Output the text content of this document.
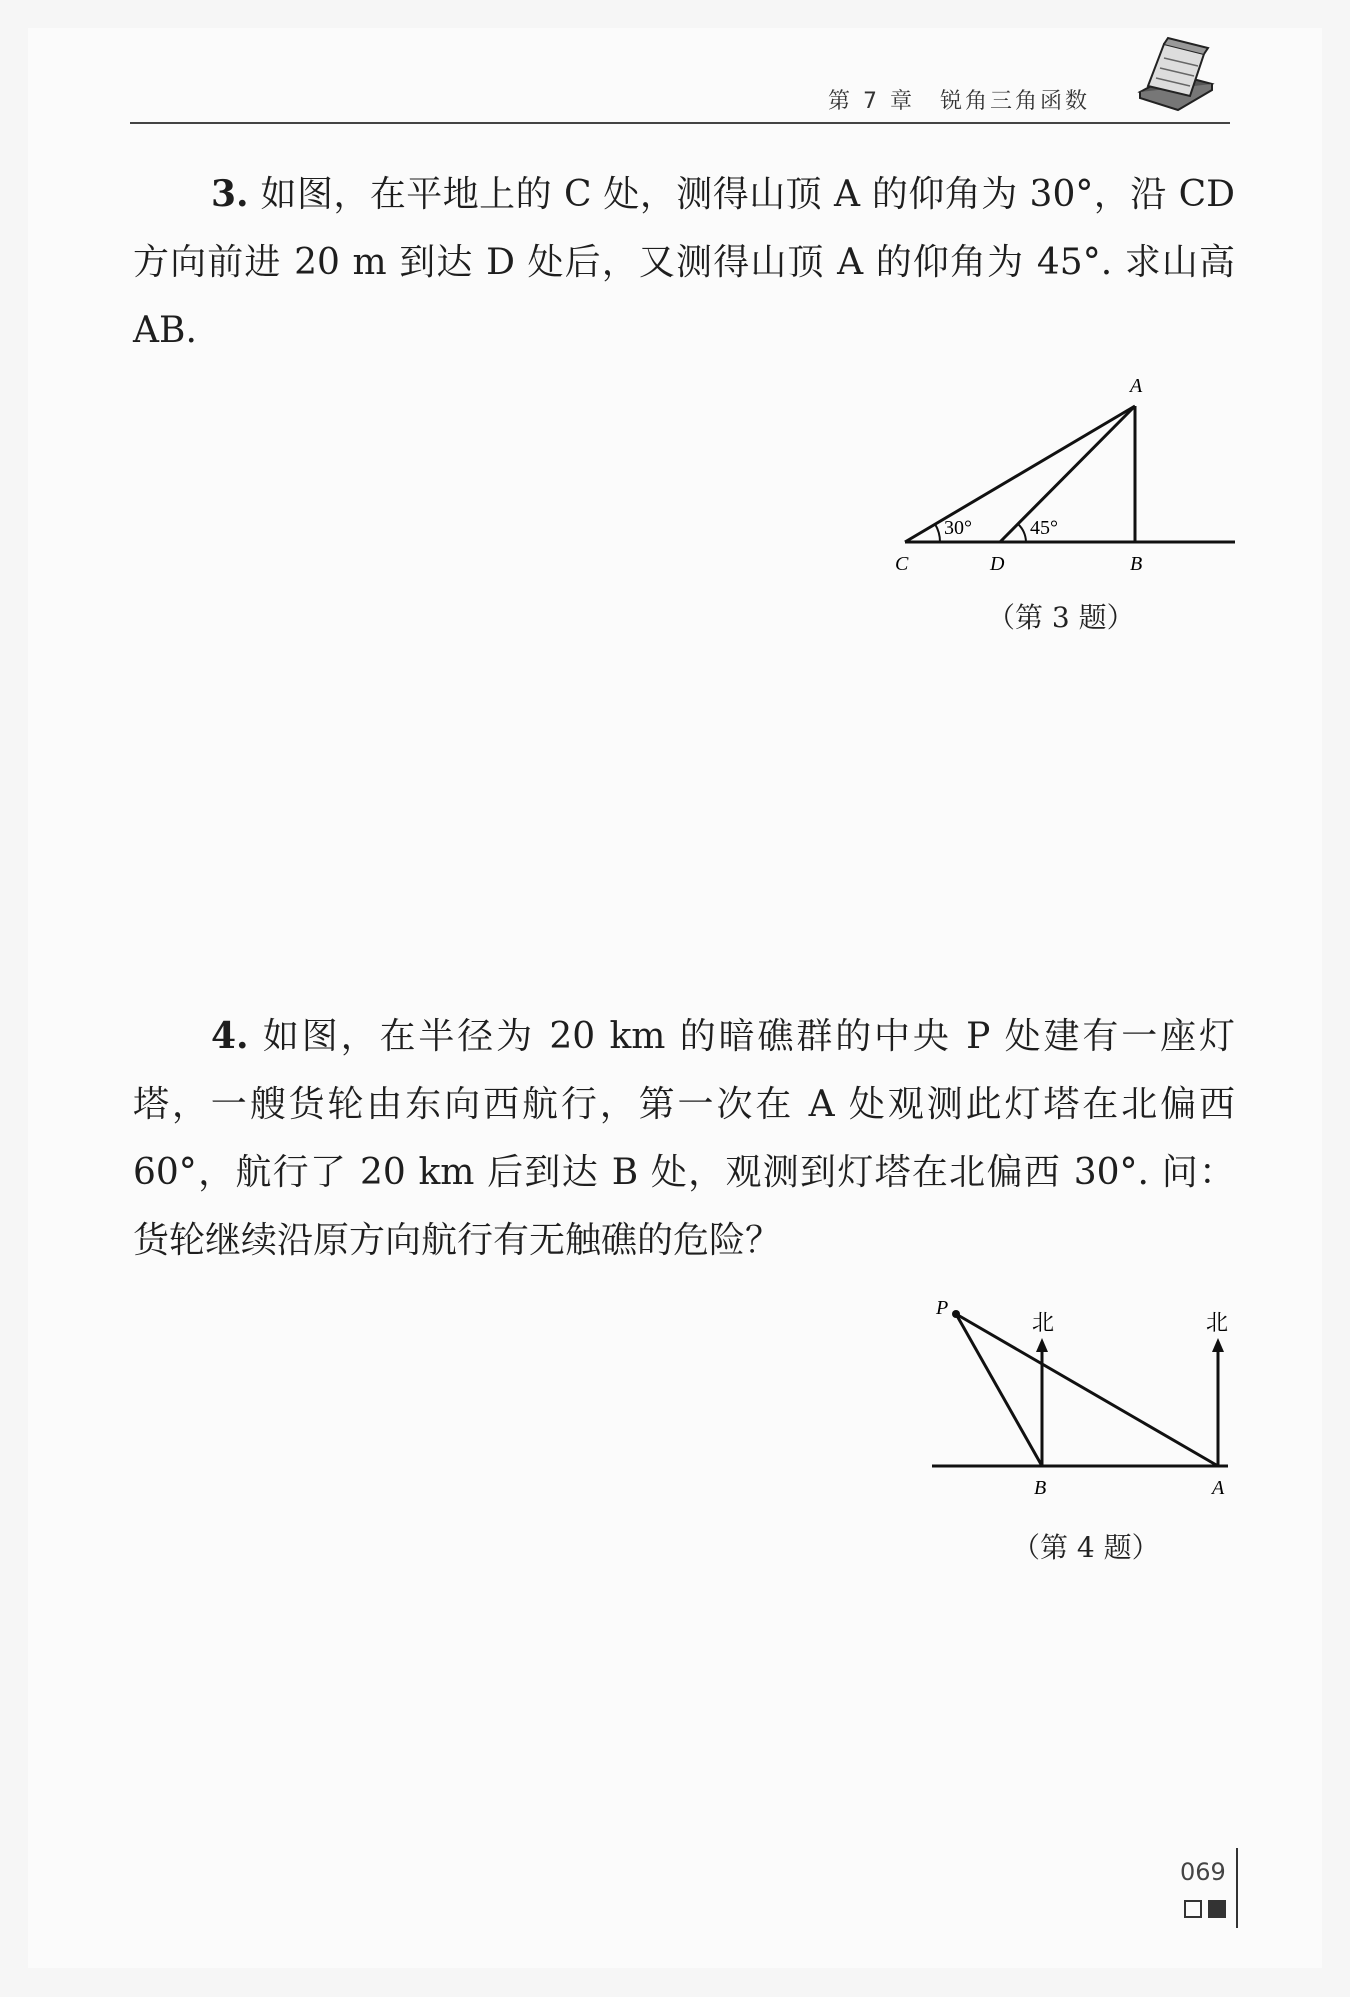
第 7 章　锐角三角函数
3. 如图，在平地上的 C 处，测得山顶 A 的仰角为 30°，沿 CD 方向前进 20 m 到达 D 处后，又测得山顶 A 的仰角为 45°. 求山高 AB.
A
C	D	B
30°	45°
（第 3 题）
4. 如图，在半径为 20 km 的暗礁群的中央 P 处建有一座灯塔，一艘货轮由东向西航行，第一次在 A 处观测此灯塔在北偏西 60°，航行了 20 km 后到达 B 处，观测到灯塔在北偏西 30°. 问：货轮继续沿原方向航行有无触礁的危险？
P
B	A
北	北
（第 4 题）
069
